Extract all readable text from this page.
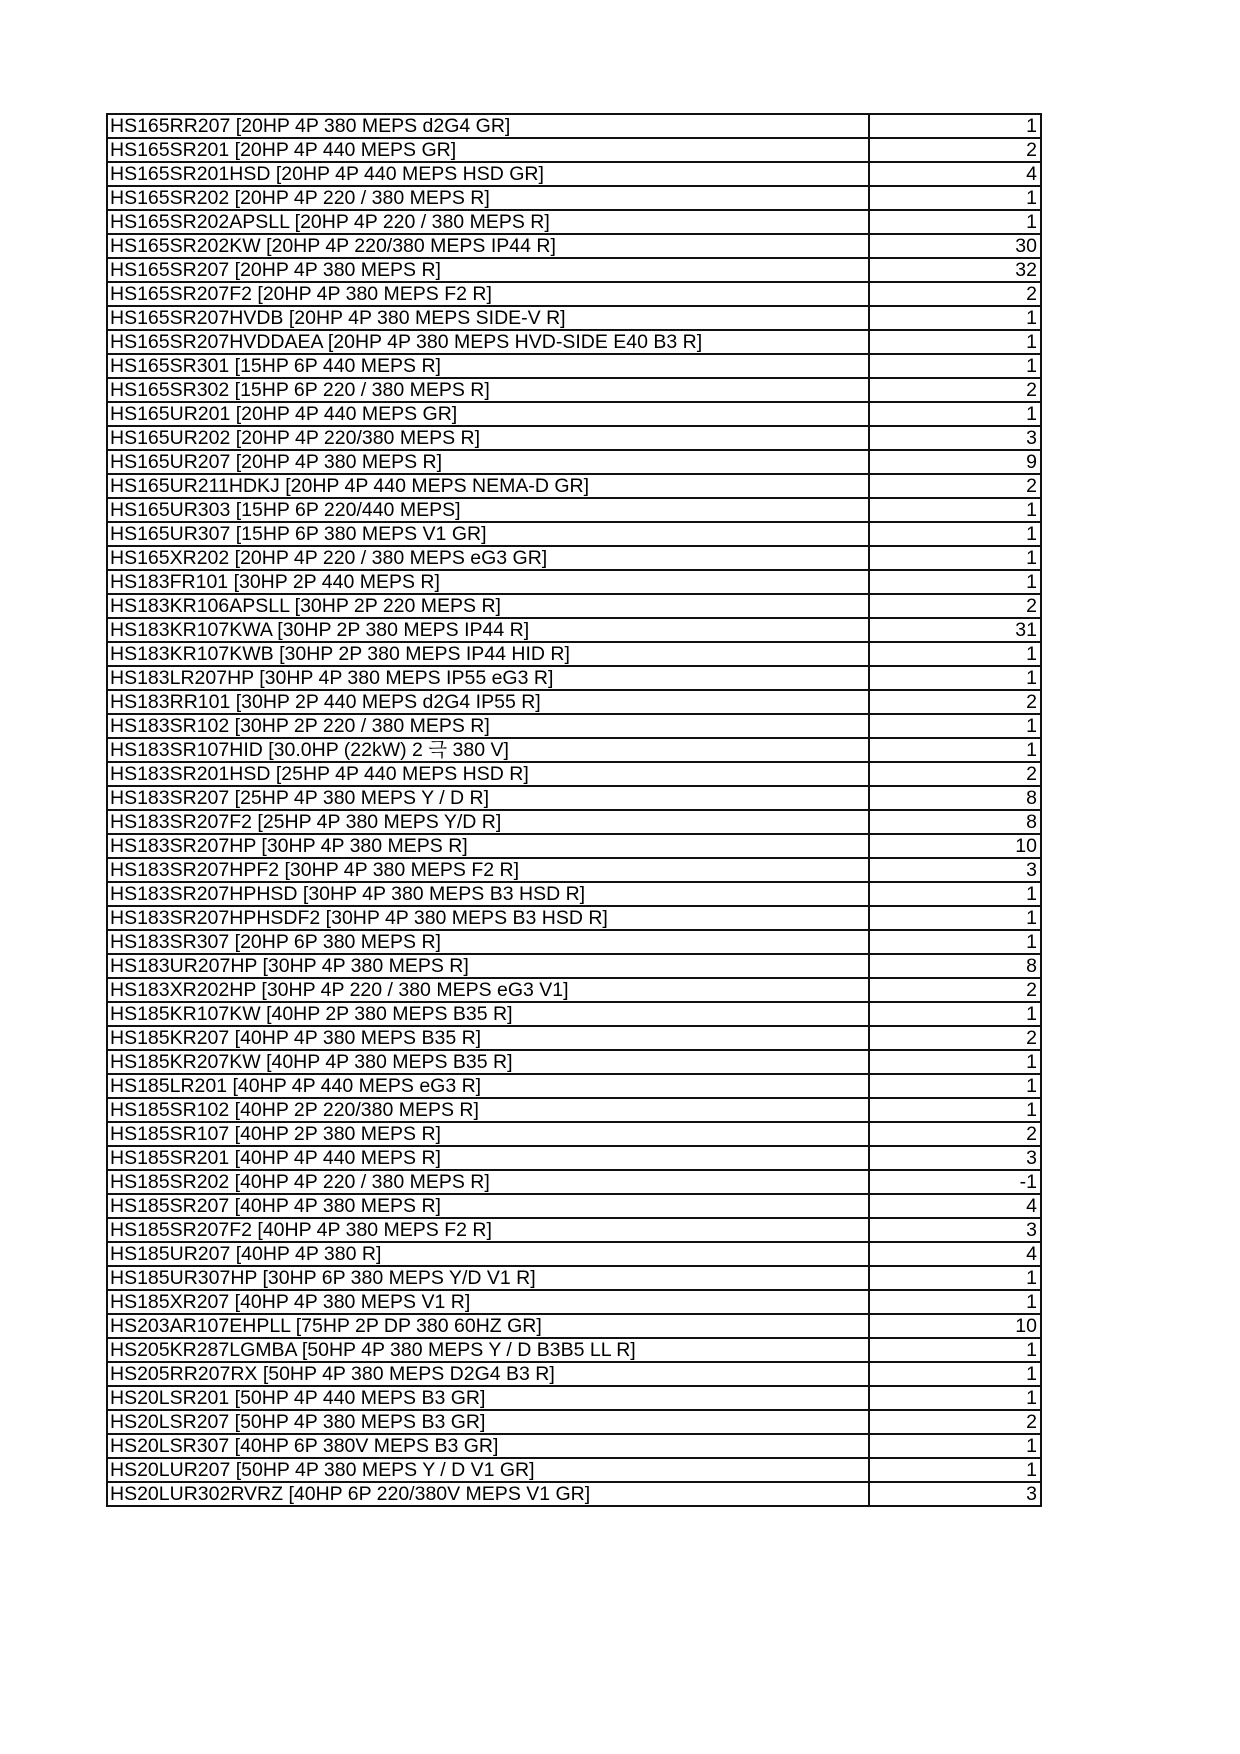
HS165RR207 [20HP 4P 380 MEPS d2G4 GR]	1
HS165SR201 [20HP 4P 440 MEPS GR]	2
HS165SR201HSD [20HP 4P 440 MEPS HSD GR]	4
HS165SR202 [20HP 4P 220 / 380 MEPS R]	1
HS165SR202APSLL [20HP 4P 220 / 380 MEPS R]	1
HS165SR202KW [20HP 4P 220/380 MEPS IP44 R]	30
HS165SR207 [20HP 4P 380 MEPS R]	32
HS165SR207F2 [20HP 4P 380 MEPS F2 R]	2
HS165SR207HVDB [20HP 4P 380 MEPS SIDE-V R]	1
HS165SR207HVDDAEA [20HP 4P 380 MEPS HVD-SIDE E40 B3 R]	1
HS165SR301 [15HP 6P 440 MEPS R]	1
HS165SR302 [15HP 6P 220 / 380 MEPS R]	2
HS165UR201 [20HP 4P 440 MEPS GR]	1
HS165UR202 [20HP 4P 220/380 MEPS R]	3
HS165UR207 [20HP 4P 380 MEPS R]	9
HS165UR211HDKJ [20HP 4P 440 MEPS NEMA-D GR]	2
HS165UR303 [15HP 6P 220/440 MEPS]	1
HS165UR307 [15HP 6P 380 MEPS V1 GR]	1
HS165XR202 [20HP 4P 220 / 380 MEPS eG3 GR]	1
HS183FR101 [30HP 2P 440 MEPS R]	1
HS183KR106APSLL [30HP 2P 220 MEPS R]	2
HS183KR107KWA [30HP 2P 380 MEPS IP44 R]	31
HS183KR107KWB [30HP 2P 380 MEPS IP44 HID R]	1
HS183LR207HP [30HP 4P 380 MEPS IP55 eG3 R]	1
HS183RR101 [30HP 2P 440 MEPS d2G4 IP55 R]	2
HS183SR102 [30HP 2P 220 / 380 MEPS R]	1
HS183SR107HID [30.0HP (22kW) 2 극 380 V]	1
HS183SR201HSD [25HP 4P 440 MEPS HSD R]	2
HS183SR207 [25HP 4P 380 MEPS Y / D R]	8
HS183SR207F2 [25HP 4P 380 MEPS Y/D R]	8
HS183SR207HP [30HP 4P 380 MEPS R]	10
HS183SR207HPF2 [30HP 4P 380 MEPS F2 R]	3
HS183SR207HPHSD [30HP 4P 380 MEPS B3 HSD R]	1
HS183SR207HPHSDF2 [30HP 4P 380 MEPS B3 HSD R]	1
HS183SR307 [20HP 6P 380 MEPS R]	1
HS183UR207HP [30HP 4P 380 MEPS R]	8
HS183XR202HP [30HP 4P 220 / 380 MEPS eG3 V1]	2
HS185KR107KW [40HP 2P 380 MEPS B35 R]	1
HS185KR207 [40HP 4P 380 MEPS B35 R]	2
HS185KR207KW [40HP 4P 380 MEPS B35 R]	1
HS185LR201 [40HP 4P 440 MEPS eG3 R]	1
HS185SR102 [40HP 2P 220/380 MEPS R]	1
HS185SR107 [40HP 2P 380 MEPS R]	2
HS185SR201 [40HP 4P 440 MEPS R]	3
HS185SR202 [40HP 4P 220 / 380 MEPS R]	-1
HS185SR207 [40HP 4P 380 MEPS R]	4
HS185SR207F2 [40HP 4P 380 MEPS F2 R]	3
HS185UR207 [40HP 4P 380 R]	4
HS185UR307HP [30HP 6P 380 MEPS Y/D V1 R]	1
HS185XR207 [40HP 4P 380 MEPS V1 R]	1
HS203AR107EHPLL [75HP 2P DP 380 60HZ GR]	10
HS205KR287LGMBA [50HP 4P 380 MEPS Y / D B3B5 LL R]	1
HS205RR207RX [50HP 4P 380 MEPS D2G4 B3 R]	1
HS20LSR201 [50HP 4P 440 MEPS B3 GR]	1
HS20LSR207 [50HP 4P 380 MEPS B3 GR]	2
HS20LSR307 [40HP 6P 380V MEPS B3 GR]	1
HS20LUR207 [50HP 4P 380 MEPS Y / D V1 GR]	1
HS20LUR302RVRZ [40HP 6P 220/380V MEPS V1 GR]	3
